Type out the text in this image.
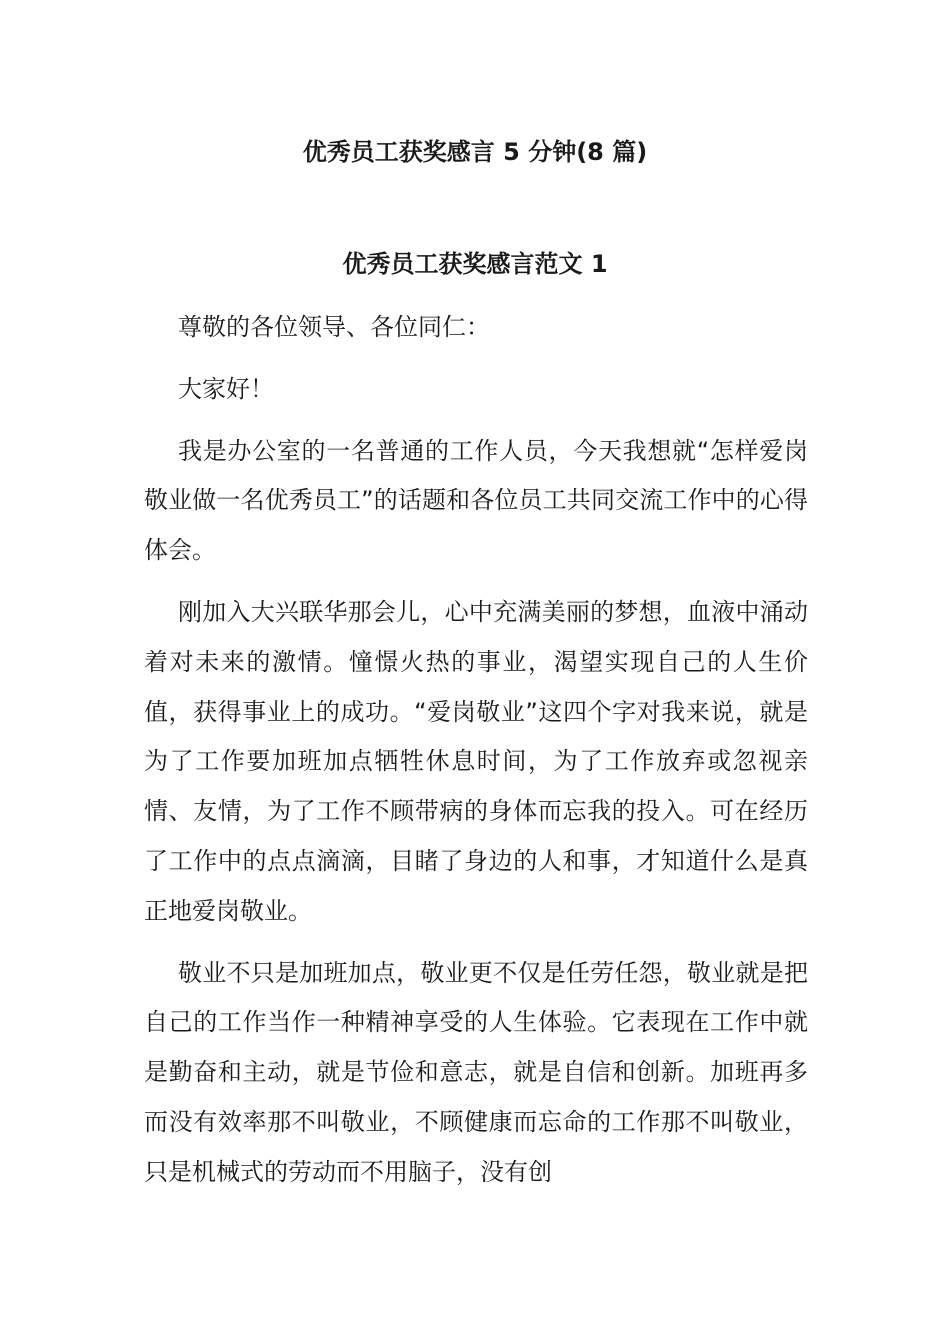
优秀员工获奖感言 5 分钟(8 篇)
优秀员工获奖感言范文 1

尊敬的各位领导、各位同仁：

大家好！

我是办公室的一名普通的工作人员，今天我想就“怎样爱岗敬业做一名优秀员工”的话题和各位员工共同交流工作中的心得体会。

刚加入大兴联华那会儿，心中充满美丽的梦想，血液中涌动着对未来的激情。憧憬火热的事业，渴望实现自己的人生价值，获得事业上的成功。“爱岗敬业”这四个字对我来说，就是为了工作要加班加点牺牲休息时间，为了工作放弃或忽视亲情、友情，为了工作不顾带病的身体而忘我的投入。可在经历了工作中的点点滴滴，目睹了身边的人和事，才知道什么是真正地爱岗敬业。

敬业不只是加班加点，敬业更不仅是任劳任怨，敬业就是把自己的工作当作一种精神享受的人生体验。它表现在工作中就是勤奋和主动，就是节俭和意志，就是自信和创新。加班再多而没有效率那不叫敬业，不顾健康而忘命的工作那不叫敬业，只是机械式的劳动而不用脑子，没有创
